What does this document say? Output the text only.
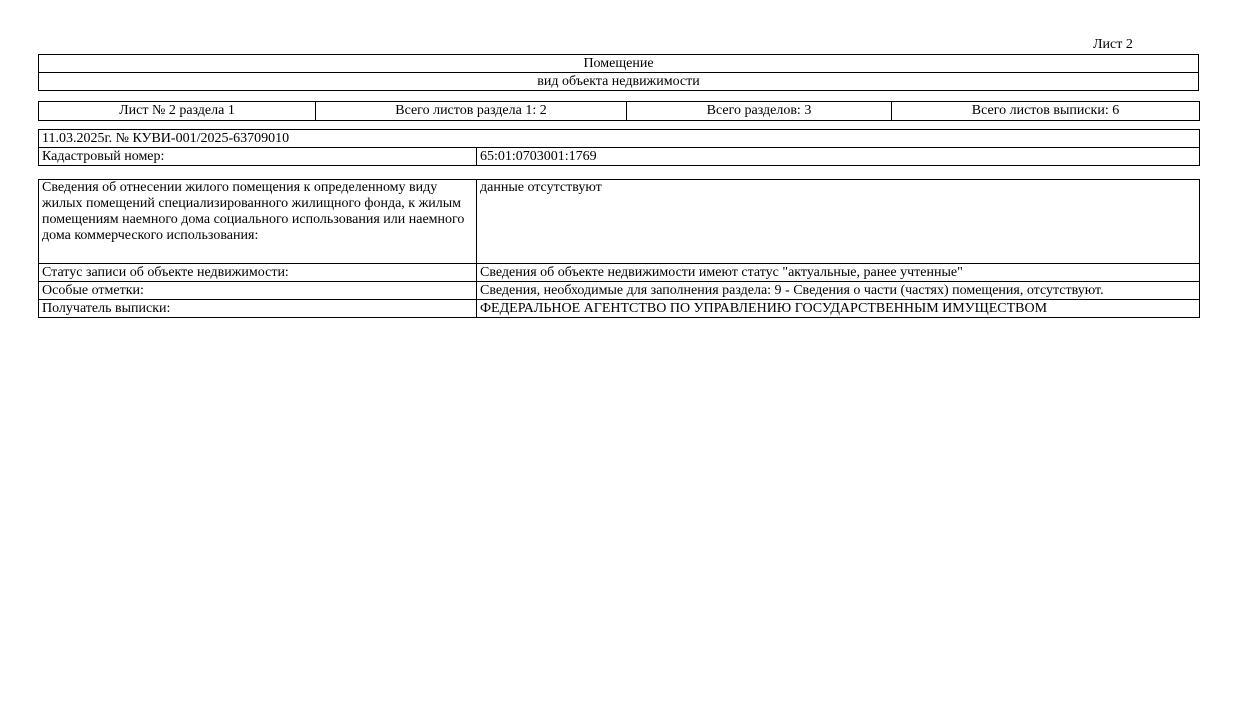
Лист 2
Помещение
вид объекта недвижимости
Лист № 2 раздела 1	Всего листов раздела 1: 2	Всего разделов: 3	Всего листов выписки: 6
11.03.2025г. № КУВИ-001/2025-63709010
Кадастровый номер:	65:01:0703001:1769
Сведения об отнесении жилого помещения к определенному виду жилых помещений специализированного жилищного фонда, к жилым помещениям наемного дома социального использования или наемного дома коммерческого использования:	данные отсутствуют
Статус записи об объекте недвижимости:	Сведения об объекте недвижимости имеют статус "актуальные, ранее учтенные"
Особые отметки:	Сведения, необходимые для заполнения раздела: 9 - Сведения о части (частях) помещения, отсутствуют.
Получатель выписки:	ФЕДЕРАЛЬНОЕ АГЕНТСТВО ПО УПРАВЛЕНИЮ ГОСУДАРСТВЕННЫМ ИМУЩЕСТВОМ
